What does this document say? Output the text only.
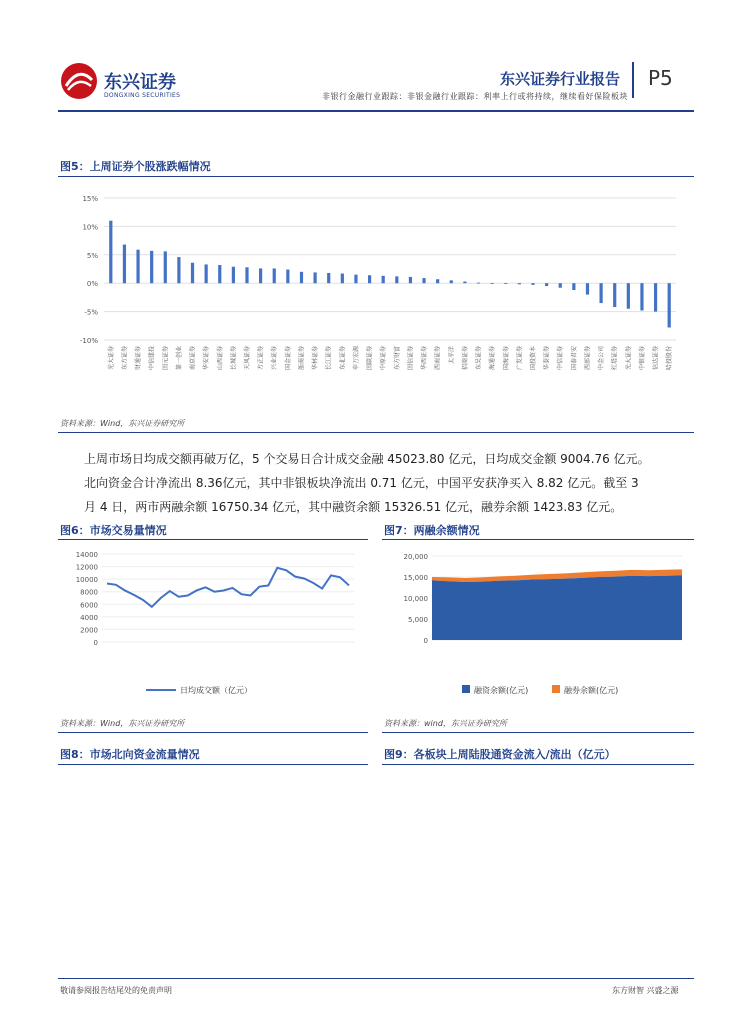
东兴证券
DONGXING SECURITIES
东兴证券行业报告 P5
非银行金融行业跟踪：非银金融行业跟踪：利率上行或将持续，继续看好保险板块
图5：上周证券个股涨跌幅情况
15%
10%
5%
0%
-5%
-10%
光大证券 东方证券 财通证券 中信建投 国元证券 第一创业 南京证券 华安证券 山西证券 长城证券 天风证券 方正证券 兴业证券 国金证券 浙商证券 华林证券 长江证券 东北证券 申万宏源 国联证券 中原证券 东方财富 国信证券 华西证券 西南证券 太平洋 招商证券 东吴证券 海通证券 国海证券 广发证券 国投资本 华泰证券 中信证券 国泰君安 西部证券 中金公司 红塔证券 光大证券 中银证券 信达证券 哈投股份
资料来源：Wind，东兴证券研究所
上周市场日均成交额再破万亿，5 个交易日合计成交金融 45023.80 亿元，日均成交金额 9004.76 亿元。
北向资金合计净流出 8.36亿元，其中非银板块净流出 0.71 亿元，中国平安获净买入 8.82 亿元。截至 3
月 4 日，两市两融余额 16750.34 亿元，其中融资余额 15326.51 亿元，融券余额 1423.83 亿元。
图6：市场交易量情况
14000
12000
10000
8000
6000
4000
2000
0
日均成交额（亿元）
资料来源：Wind，东兴证券研究所
图7：两融余额情况
20,000
15,000
10,000
5,000
0
融资余额(亿元)	融券余额(亿元)
资料来源：wind，东兴证券研究所
图8：市场北向资金流量情况	图9：各板块上周陆股通资金流入/流出（亿元）
敬请参阅报告结尾处的免责声明	东方财智 兴盛之源
